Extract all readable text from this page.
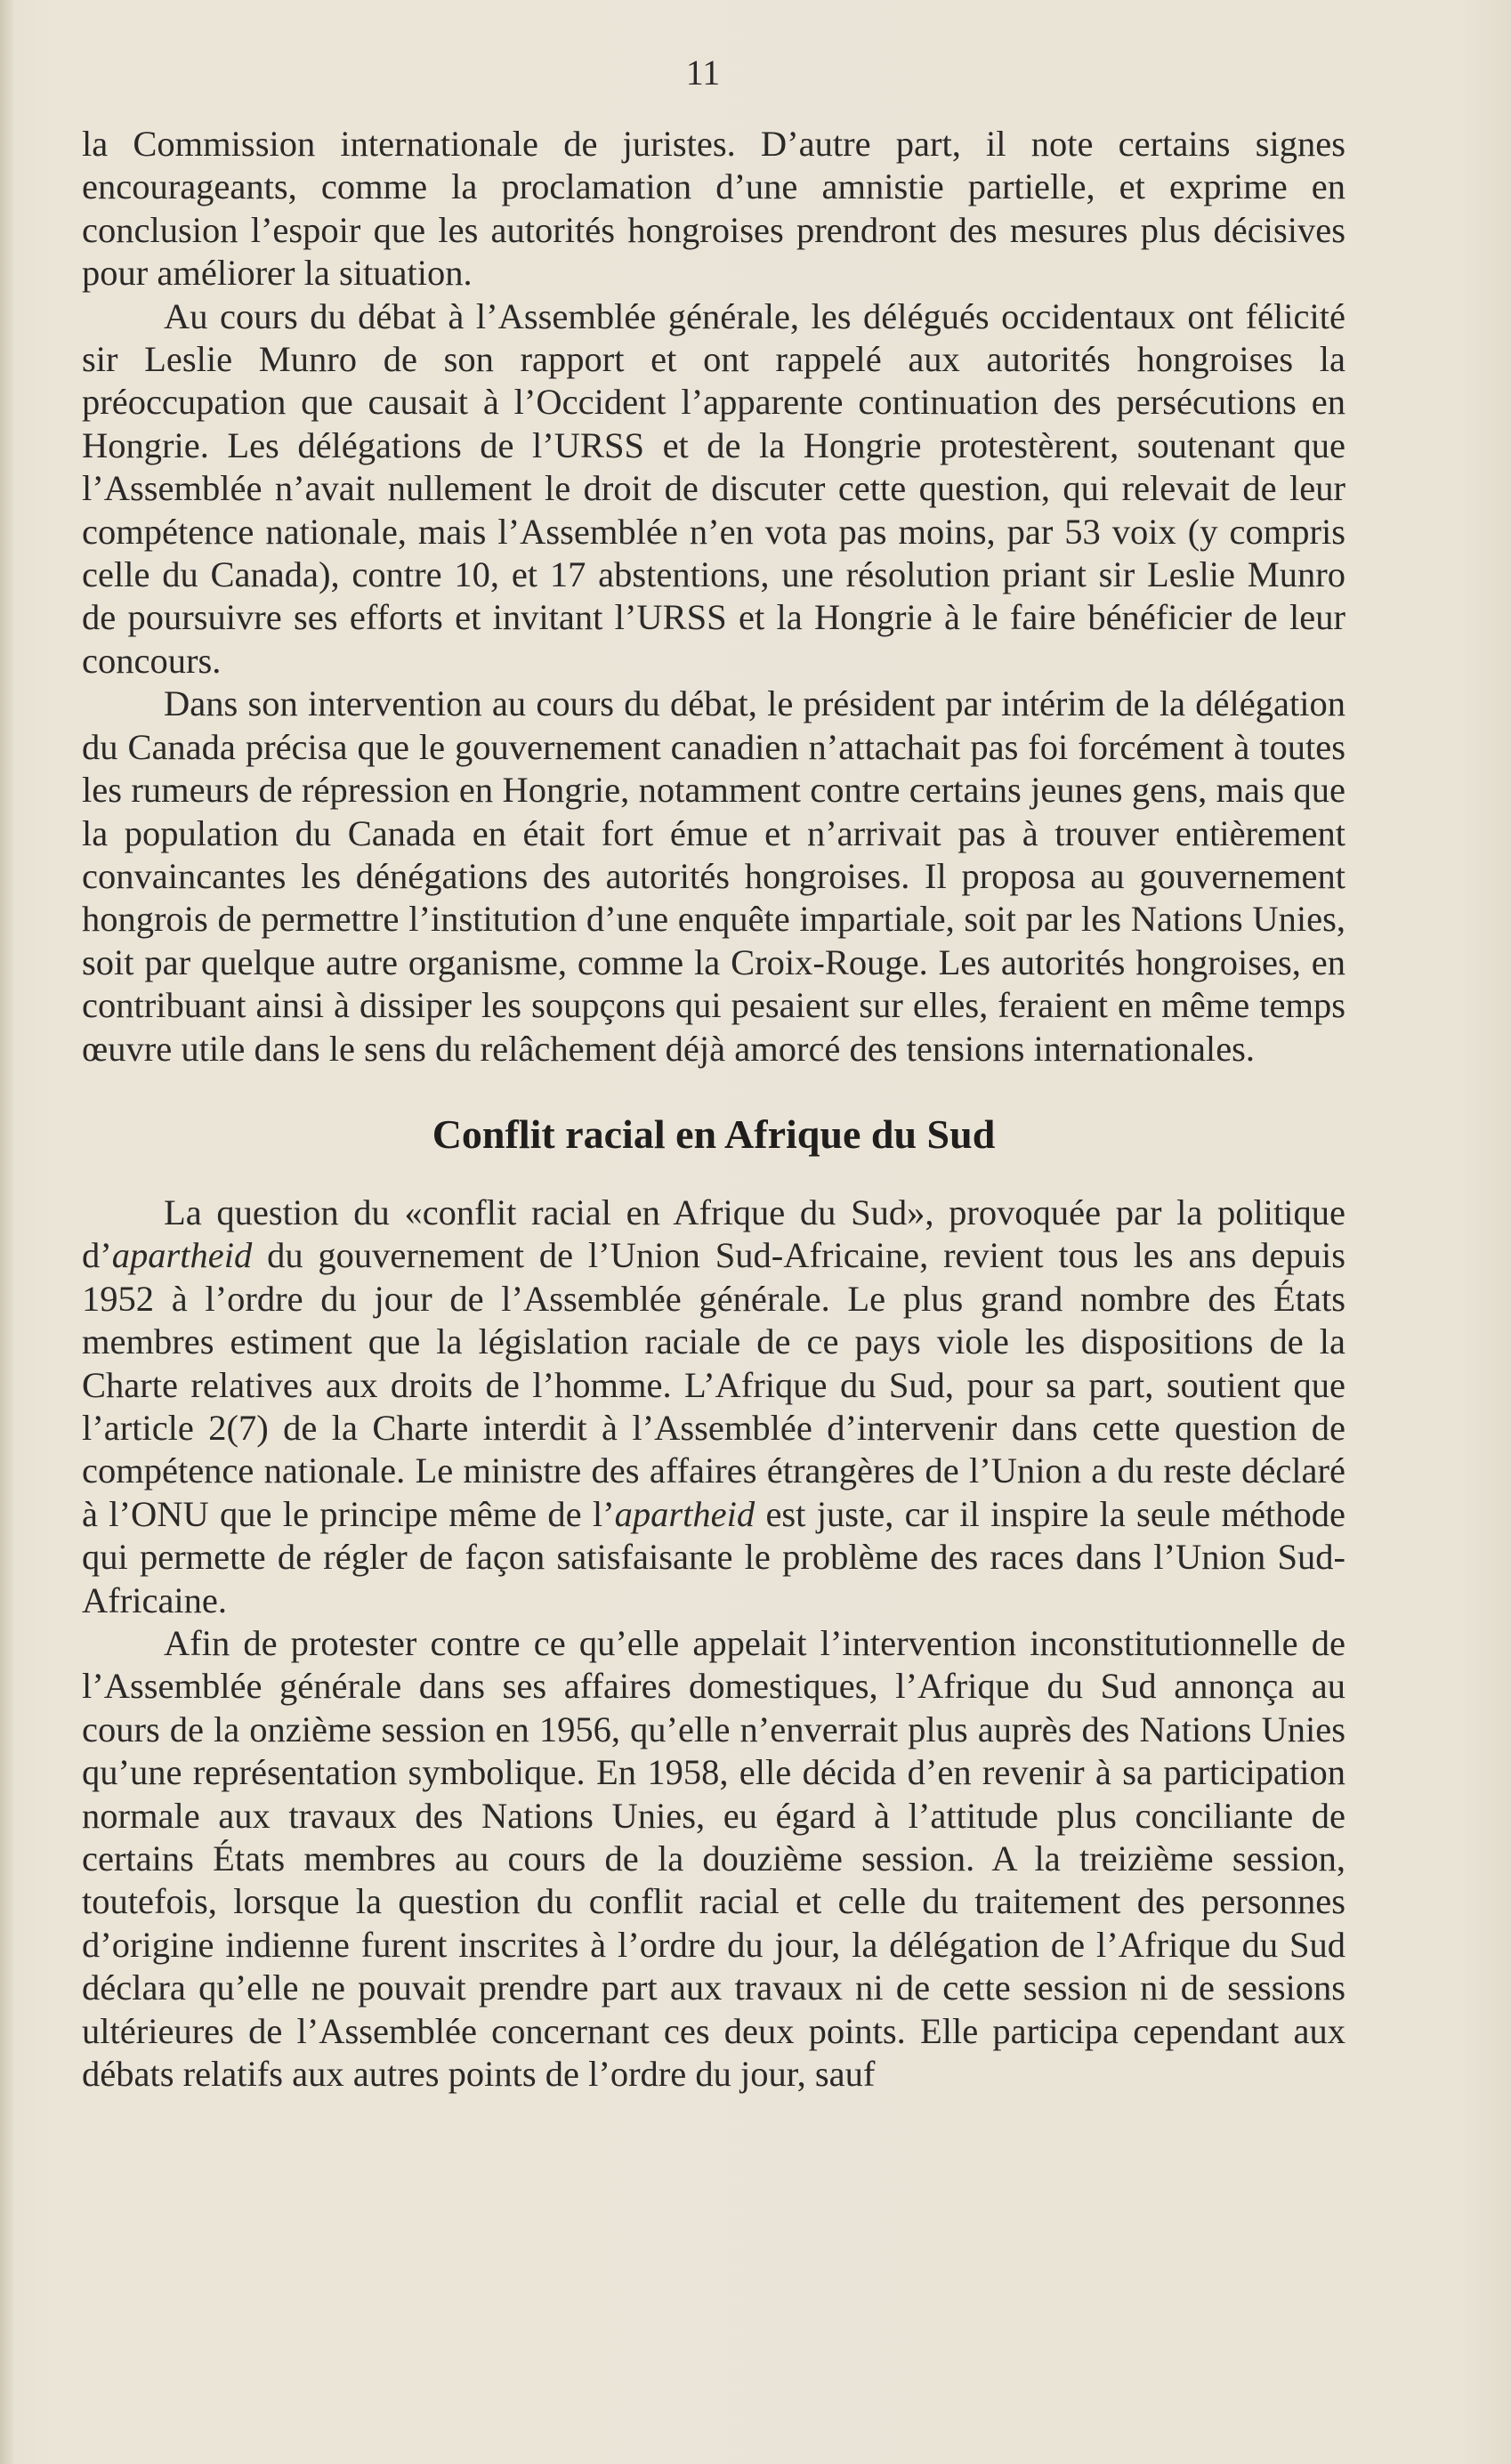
11

la Commission internationale de juristes. D’autre part, il note certains signes encourageants, comme la proclamation d’une amnistie partielle, et exprime en conclusion l’espoir que les autorités hongroises prendront des mesures plus décisives pour améliorer la situation.

Au cours du débat à l’Assemblée générale, les délégués occidentaux ont félicité sir Leslie Munro de son rapport et ont rappelé aux autorités hongroises la préoccupation que causait à l’Occident l’apparente continuation des persécutions en Hongrie. Les délégations de l’URSS et de la Hongrie protestèrent, soutenant que l’Assemblée n’avait nullement le droit de discuter cette question, qui relevait de leur compétence nationale, mais l’Assemblée n’en vota pas moins, par 53 voix (y compris celle du Canada), contre 10, et 17 abstentions, une résolution priant sir Leslie Munro de poursuivre ses efforts et invitant l’URSS et la Hongrie à le faire bénéficier de leur concours.

Dans son intervention au cours du débat, le président par intérim de la délégation du Canada précisa que le gouvernement canadien n’attachait pas foi forcément à toutes les rumeurs de répression en Hongrie, notamment contre certains jeunes gens, mais que la population du Canada en était fort émue et n’arrivait pas à trouver entièrement convaincantes les dénégations des autorités hongroises. Il proposa au gouvernement hongrois de permettre l’institution d’une enquête impartiale, soit par les Nations Unies, soit par quelque autre organisme, comme la Croix-Rouge. Les autorités hongroises, en contribuant ainsi à dissiper les soupçons qui pesaient sur elles, feraient en même temps œuvre utile dans le sens du relâchement déjà amorcé des tensions internationales.

Conflit racial en Afrique du Sud

La question du «conflit racial en Afrique du Sud», provoquée par la politique d’apartheid du gouvernement de l’Union Sud-Africaine, revient tous les ans depuis 1952 à l’ordre du jour de l’Assemblée générale. Le plus grand nombre des États membres estiment que la législation raciale de ce pays viole les dispositions de la Charte relatives aux droits de l’homme. L’Afrique du Sud, pour sa part, soutient que l’article 2(7) de la Charte interdit à l’Assemblée d’intervenir dans cette question de compétence nationale. Le ministre des affaires étrangères de l’Union a du reste déclaré à l’ONU que le principe même de l’apartheid est juste, car il inspire la seule méthode qui permette de régler de façon satisfaisante le problème des races dans l’Union Sud-Africaine.

Afin de protester contre ce qu’elle appelait l’intervention inconstitutionnelle de l’Assemblée générale dans ses affaires domestiques, l’Afrique du Sud annonça au cours de la onzième session en 1956, qu’elle n’enverrait plus auprès des Nations Unies qu’une représentation symbolique. En 1958, elle décida d’en revenir à sa participation normale aux travaux des Nations Unies, eu égard à l’attitude plus conciliante de certains États membres au cours de la douzième session. A la treizième session, toutefois, lorsque la question du conflit racial et celle du traitement des personnes d’origine indienne furent inscrites à l’ordre du jour, la délégation de l’Afrique du Sud déclara qu’elle ne pouvait prendre part aux travaux ni de cette session ni de sessions ultérieures de l’Assemblée concernant ces deux points. Elle participa cependant aux débats relatifs aux autres points de l’ordre du jour, sauf
